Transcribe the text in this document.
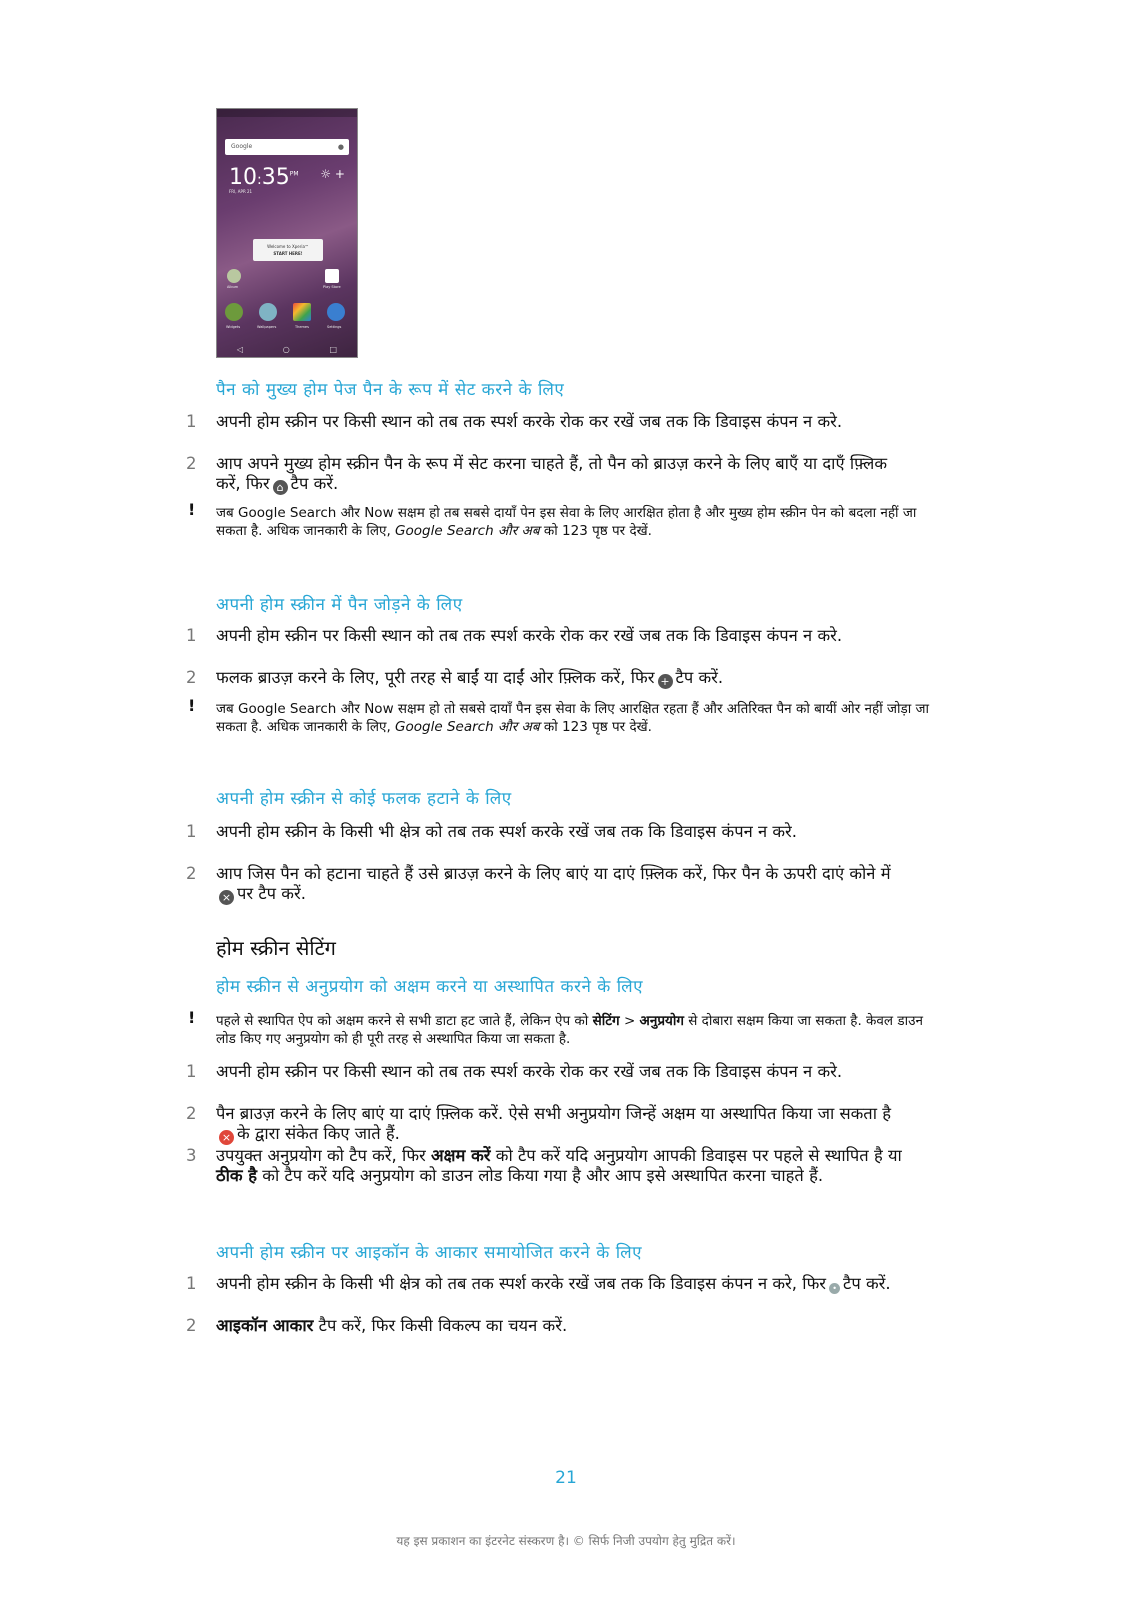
Google	●
$10:35^{PM}$
FRI, APR 21
☼ +
Welcome to Xperia™
START HERE!
Album	Play Store
Widgets	Wallpapers	Themes	Settings
◁	○	□
पैन को मुख्य होम पेज पैन के रूप में सेट करने के लिए
1 अपनी होम स्क्रीन पर किसी स्थान को तब तक स्पर्श करके रोक कर रखें जब तक कि डिवाइस कंपन न करे.
2 आप अपने मुख्य होम स्क्रीन पैन के रूप में सेट करना चाहते हैं, तो पैन को ब्राउज़ करने के लिए बाएँ या दाएँ फ़्लिक करें, फिर ⌂ टैप करें.
! जब Google Search और Now सक्षम हो तब सबसे दायाँ पेन इस सेवा के लिए आरक्षित होता है और मुख्य होम स्क्रीन पेन को बदला नहीं जा सकता है. अधिक जानकारी के लिए, Google Search और अब को 123 पृष्ठ पर देखें.
अपनी होम स्क्रीन में पैन जोड़ने के लिए
1 अपनी होम स्क्रीन पर किसी स्थान को तब तक स्पर्श करके रोक कर रखें जब तक कि डिवाइस कंपन न करे.
2 फलक ब्राउज़ करने के लिए, पूरी तरह से बाईं या दाईं ओर फ़्लिक करें, फिर + टैप करें.
! जब Google Search और Now सक्षम हो तो सबसे दायाँ पैन इस सेवा के लिए आरक्षित रहता हैं और अतिरिक्त पैन को बायीं ओर नहीं जोड़ा जा सकता है. अधिक जानकारी के लिए, Google Search और अब को 123 पृष्ठ पर देखें.
अपनी होम स्क्रीन से कोई फलक हटाने के लिए
1 अपनी होम स्क्रीन के किसी भी क्षेत्र को तब तक स्पर्श करके रखें जब तक कि डिवाइस कंपन न करे.
2 आप जिस पैन को हटाना चाहते हैं उसे ब्राउज़ करने के लिए बाएं या दाएं फ़्लिक करें, फिर पैन के ऊपरी दाएं कोने में× पर टैप करें.
होम स्क्रीन सेटिंग
होम स्क्रीन से अनुप्रयोग को अक्षम करने या अस्थापित करने के लिए
! पहले से स्थापित ऐप को अक्षम करने से सभी डाटा हट जाते हैं, लेकिन ऐप को सेटिंग > अनुप्रयोग से दोबारा सक्षम किया जा सकता है. केवल डाउन लोड किए गए अनुप्रयोग को ही पूरी तरह से अस्थापित किया जा सकता है.
1 अपनी होम स्क्रीन पर किसी स्थान को तब तक स्पर्श करके रोक कर रखें जब तक कि डिवाइस कंपन न करे.
2 पैन ब्राउज़ करने के लिए बाएं या दाएं फ़्लिक करें. ऐसे सभी अनुप्रयोग जिन्हें अक्षम या अस्थापित किया जा सकता है× के द्वारा संकेत किए जाते हैं.
3 उपयुक्त अनुप्रयोग को टैप करें, फिर अक्षम करें को टैप करें यदि अनुप्रयोग आपकी डिवाइस पर पहले से स्थापित है या ठीक है को टैप करें यदि अनुप्रयोग को डाउन लोड किया गया है और आप इसे अस्थापित करना चाहते हैं.
अपनी होम स्क्रीन पर आइकॉन के आकार समायोजित करने के लिए
1 अपनी होम स्क्रीन के किसी भी क्षेत्र को तब तक स्पर्श करके रखें जब तक कि डिवाइस कंपन न करे, फिर • टैप करें.
2 आइकॉन आकार टैप करें, फिर किसी विकल्प का चयन करें.
21
यह इस प्रकाशन का इंटरनेट संस्करण है। © सिर्फ निजी उपयोग हेतु मुद्रित करें।
